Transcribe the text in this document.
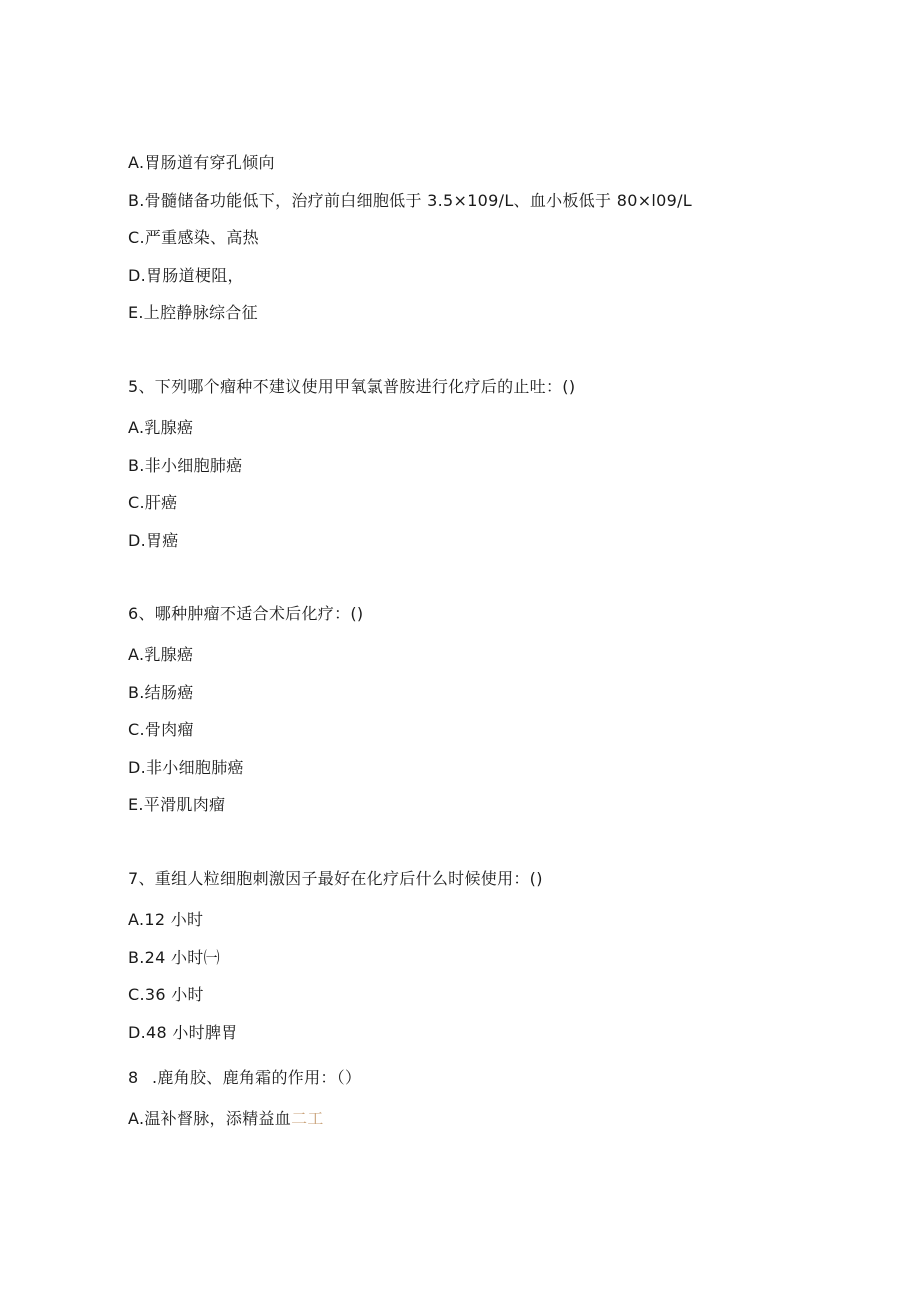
A.胃肠道有穿孔倾向
B.骨髓储备功能低下，治疗前白细胞低于 3.5×109∕L、血小板低于 80×l09/L
C.严重感染、高热
D.胃肠道梗阻，
E.上腔静脉综合征
5、下列哪个瘤种不建议使用甲氧氯普胺进行化疗后的止吐：()
A.乳腺癌
B.非小细胞肺癌
C.肝癌
D.胃癌
6、哪种肿瘤不适合术后化疗：()
A.乳腺癌
B.结肠癌
C.骨肉瘤
D.非小细胞肺癌
E.平滑肌肉瘤
7、重组人粒细胞刺激因子最好在化疗后什么时候使用：()
A.12 小时
B.24 小时㈠
C.36 小时
D.48 小时脾胃
8 .鹿角胶、鹿角霜的作用：（）
A.温补督脉，添精益血二工
